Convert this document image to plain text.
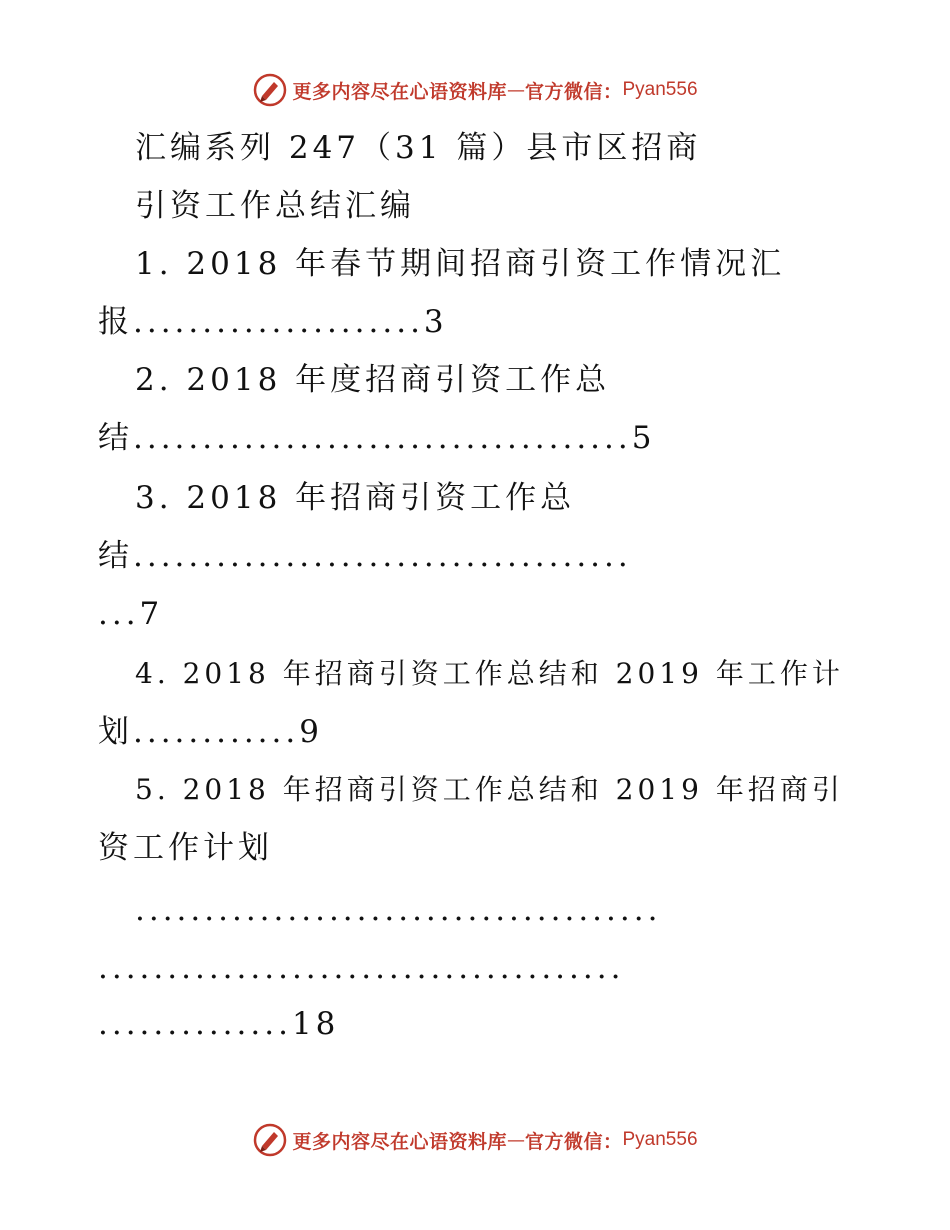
更多内容尽在心语资料库 — 官方微信： Pyan556
汇编系列 247（31 篇）县市区招商
引资工作总结汇编
1. 2018 年春节期间招商引资工作情况汇
报.....................3
2. 2018 年度招商引资工作总
结....................................5
3. 2018 年招商引资工作总
结....................................
...7
4. 2018 年招商引资工作总结和 2019 年工作计
划............9
5. 2018 年招商引资工作总结和 2019 年招商引
资工作计划
......................................
......................................
..............18
更多内容尽在心语资料库 — 官方微信： Pyan556
